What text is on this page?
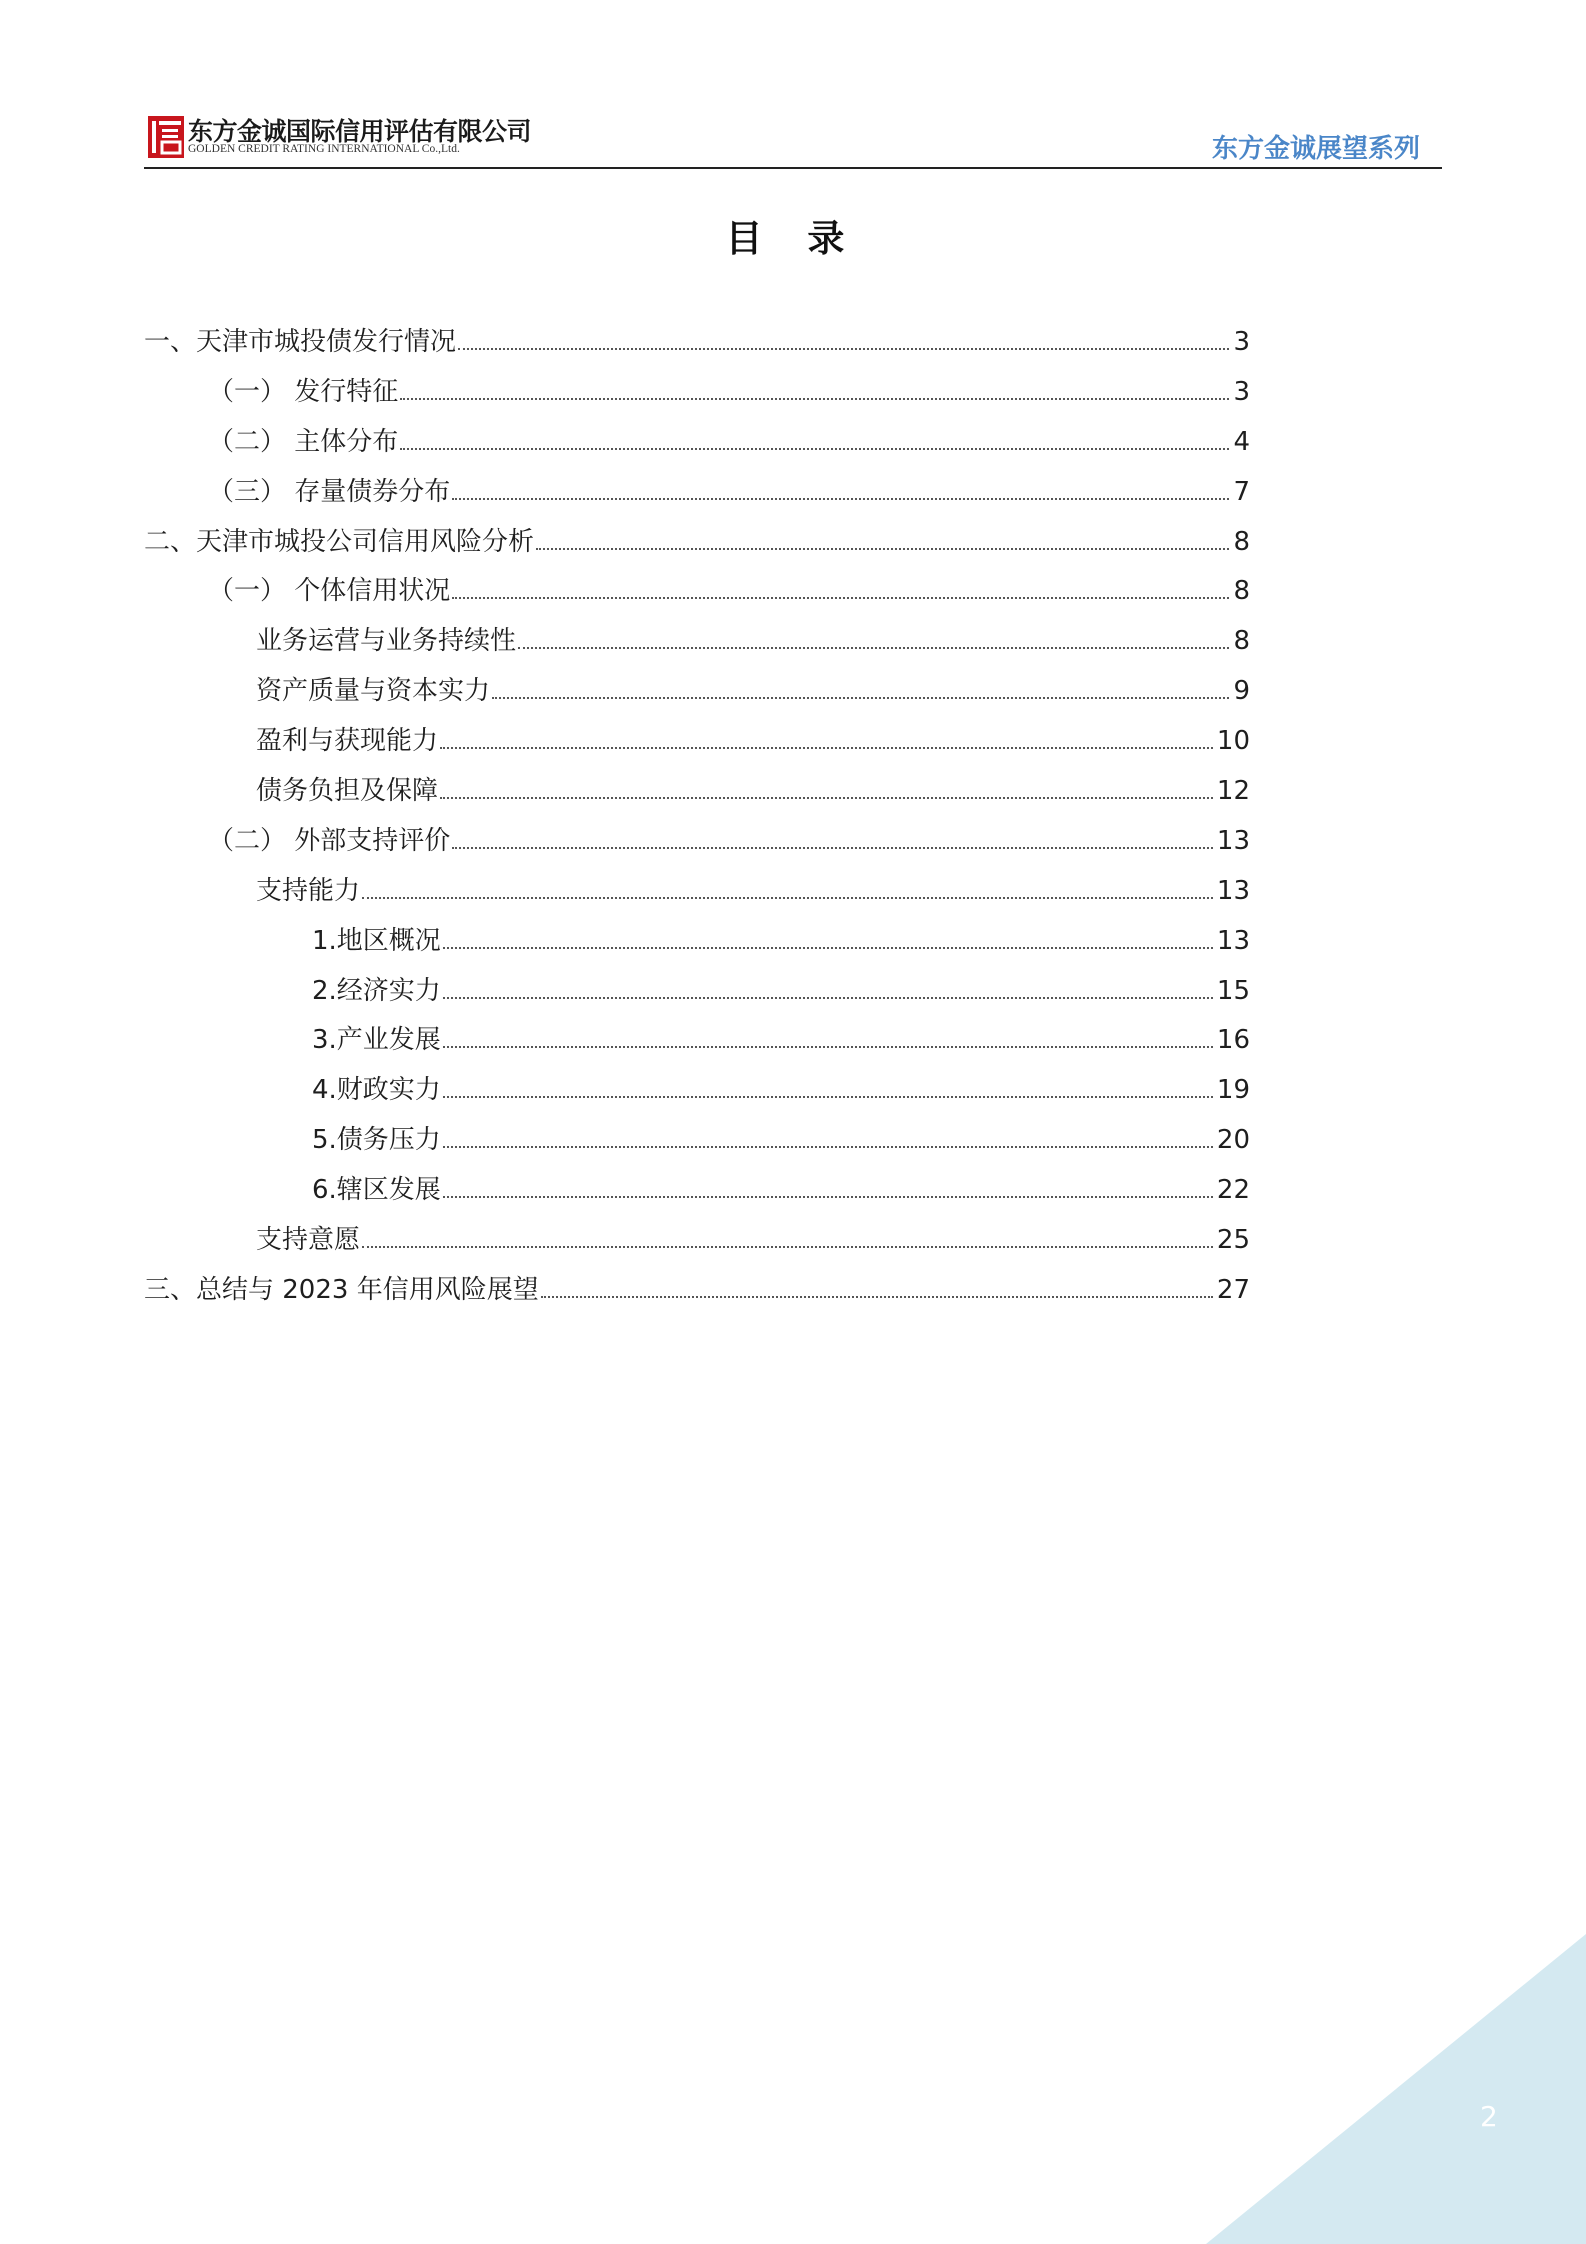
东方金诚国际信用评估有限公司
GOLDEN CREDIT RATING INTERNATIONAL Co.,Ltd.	东方金诚展望系列
目 录
一、天津市城投债发行情况	3
（一） 发行特征	3
（二） 主体分布	4
（三） 存量债券分布	7
二、天津市城投公司信用风险分析	8
（一） 个体信用状况	8
业务运营与业务持续性	8
资产质量与资本实力	9
盈利与获现能力	10
债务负担及保障	12
（二） 外部支持评价	13
支持能力	13
1.地区概况	13
2.经济实力	15
3.产业发展	16
4.财政实力	19
5.债务压力	20
6.辖区发展	22
支持意愿	25
三、总结与 2023 年信用风险展望	27
2
